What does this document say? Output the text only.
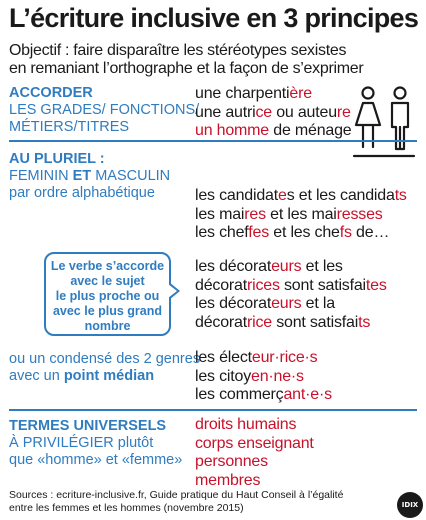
L’écriture inclusive en 3 principes
Objectif : faire disparaître les stéréotypes sexistes
en remaniant l’orthographe et la façon de s’exprimer
ACCORDER
LES GRADES/ FONCTIONS/
MÉTIERS/TITRES
une charpentière
une autrice ou auteure
un homme de ménage
AU PLURIEL :
FEMININ ET MASCULIN
par ordre alphabétique	les candidates et les candidats
les maires et les mairesses
les cheffes et les chefs de…
Le verbe s’accorde
avec le sujet
le plus proche ou
avec le plus grand
nombre
les décorateurs et les
décoratrices sont satisfaites
les décorateurs et la
décoratrice sont satisfaits
ou un condensé des 2 genres
avec un point médian
les électeur·rice·s
les citoyen·ne·s
les commerçant·e·s
TERMES UNIVERSELS
À PRIVILÉGIER plutôt
que «homme» et «femme»
droits humains
corps enseignant
personnes
membres
Sources : ecriture-inclusive.fr, Guide pratique du Haut Conseil à l’égalité
entre les femmes et les hommes (novembre 2015)	IDIX
